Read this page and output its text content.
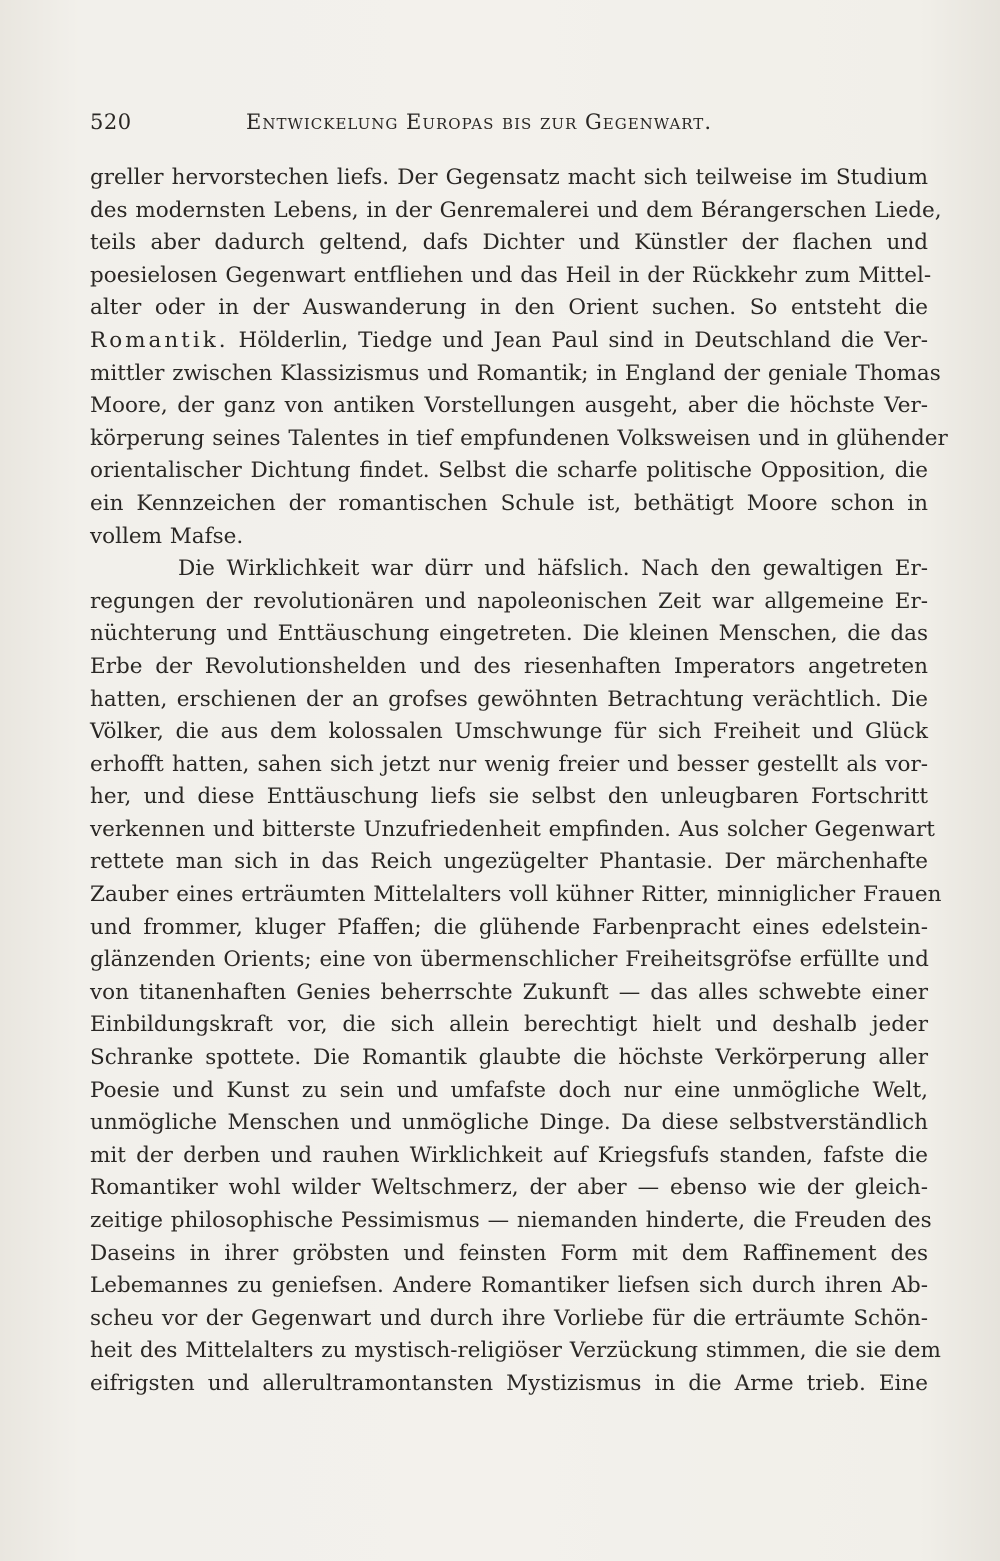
520	Entwickelung Europas bis zur Gegenwart.
greller hervorstechen liefs. Der Gegensatz macht sich teilweise im Studium
des modernsten Lebens, in der Genremalerei und dem Bérangerschen Liede,
teils aber dadurch geltend, dafs Dichter und Künstler der flachen und
poesielosen Gegenwart entfliehen und das Heil in der Rückkehr zum Mittel-
alter oder in der Auswanderung in den Orient suchen. So entsteht die
Romantik. Hölderlin, Tiedge und Jean Paul sind in Deutschland die Ver-
mittler zwischen Klassizismus und Romantik; in England der geniale Thomas
Moore, der ganz von antiken Vorstellungen ausgeht, aber die höchste Ver-
körperung seines Talentes in tief empfundenen Volksweisen und in glühender
orientalischer Dichtung findet. Selbst die scharfe politische Opposition, die
ein Kennzeichen der romantischen Schule ist, bethätigt Moore schon in
vollem Mafse.
Die Wirklichkeit war dürr und häfslich. Nach den gewaltigen Er-
regungen der revolutionären und napoleonischen Zeit war allgemeine Er-
nüchterung und Enttäuschung eingetreten. Die kleinen Menschen, die das
Erbe der Revolutionshelden und des riesenhaften Imperators angetreten
hatten, erschienen der an grofses gewöhnten Betrachtung verächtlich. Die
Völker, die aus dem kolossalen Umschwunge für sich Freiheit und Glück
erhofft hatten, sahen sich jetzt nur wenig freier und besser gestellt als vor-
her, und diese Enttäuschung liefs sie selbst den unleugbaren Fortschritt
verkennen und bitterste Unzufriedenheit empfinden. Aus solcher Gegenwart
rettete man sich in das Reich ungezügelter Phantasie. Der märchenhafte
Zauber eines erträumten Mittelalters voll kühner Ritter, minniglicher Frauen
und frommer, kluger Pfaffen; die glühende Farbenpracht eines edelstein-
glänzenden Orients; eine von übermenschlicher Freiheitsgröfse erfüllte und
von titanenhaften Genies beherrschte Zukunft — das alles schwebte einer
Einbildungskraft vor, die sich allein berechtigt hielt und deshalb jeder
Schranke spottete. Die Romantik glaubte die höchste Verkörperung aller
Poesie und Kunst zu sein und umfafste doch nur eine unmögliche Welt,
unmögliche Menschen und unmögliche Dinge. Da diese selbstverständlich
mit der derben und rauhen Wirklichkeit auf Kriegsfufs standen, fafste die
Romantiker wohl wilder Weltschmerz, der aber — ebenso wie der gleich-
zeitige philosophische Pessimismus — niemanden hinderte, die Freuden des
Daseins in ihrer gröbsten und feinsten Form mit dem Raffinement des
Lebemannes zu geniefsen. Andere Romantiker liefsen sich durch ihren Ab-
scheu vor der Gegenwart und durch ihre Vorliebe für die erträumte Schön-
heit des Mittelalters zu mystisch-religiöser Verzückung stimmen, die sie dem
eifrigsten und allerultramontansten Mystizismus in die Arme trieb. Eine
